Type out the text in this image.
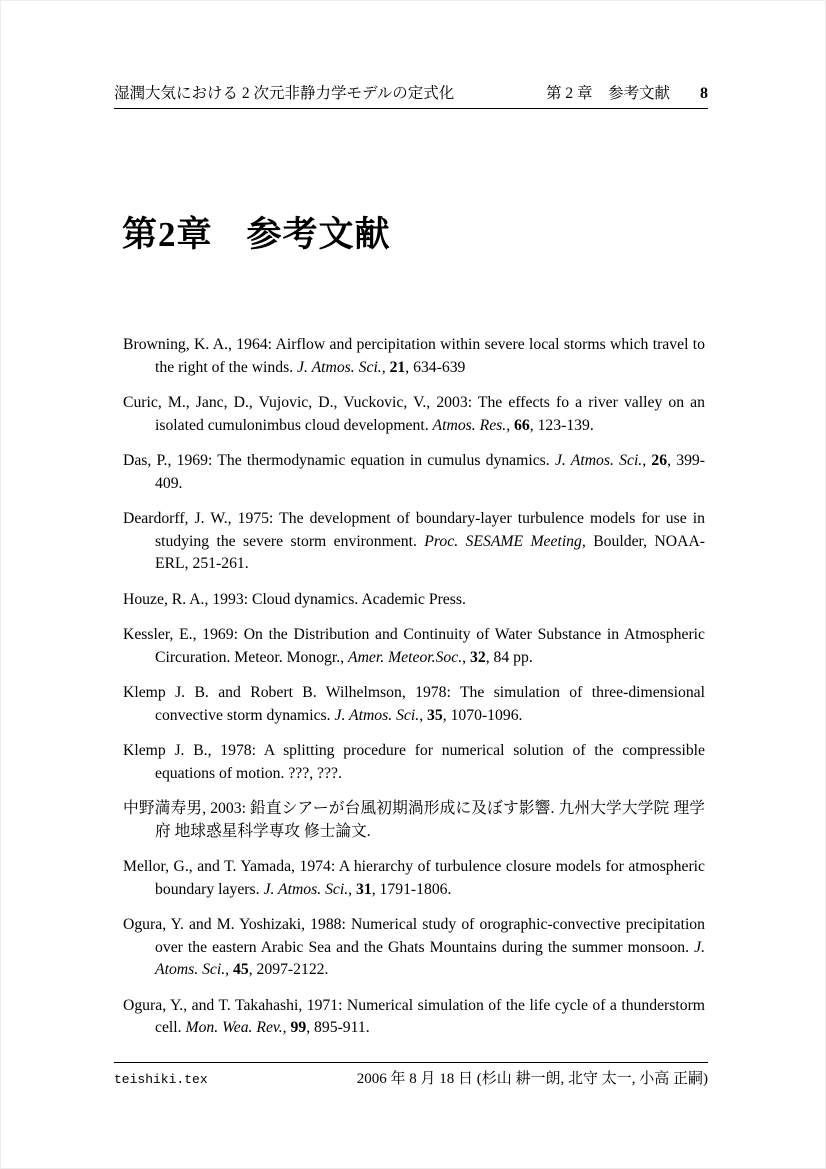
湿潤大気における 2 次元非静力学モデルの定式化	第 2 章　参考文献 8
第2章 参考文献

Browning, K. A., 1964: Airflow and percipitation within severe local storms which travel to the right of the winds. J. Atmos. Sci., 21, 634-639

Curic, M., Janc, D., Vujovic, D., Vuckovic, V., 2003: The effects fo a river valley on an isolated cumulonimbus cloud development. Atmos. Res., 66, 123-139.

Das, P., 1969: The thermodynamic equation in cumulus dynamics. J. Atmos. Sci., 26, 399-409.

Deardorff, J. W., 1975: The development of boundary-layer turbulence models for use in studying the severe storm environment. Proc. SESAME Meeting, Boulder, NOAA-ERL, 251-261.

Houze, R. A., 1993: Cloud dynamics. Academic Press.

Kessler, E., 1969: On the Distribution and Continuity of Water Substance in Atmospheric Circuration. Meteor. Monogr., Amer. Meteor.Soc., 32, 84 pp.

Klemp J. B. and Robert B. Wilhelmson, 1978: The simulation of three-dimensional convective storm dynamics. J. Atmos. Sci., 35, 1070-1096.

Klemp J. B., 1978: A splitting procedure for numerical solution of the compressible equations of motion. ???, ???.

中野満寿男, 2003: 鉛直シアーが台風初期渦形成に及ぼす影響. 九州大学大学院 理学府 地球惑星科学専攻 修士論文.

Mellor, G., and T. Yamada, 1974: A hierarchy of turbulence closure models for atmospheric boundary layers. J. Atmos. Sci., 31, 1791-1806.

Ogura, Y. and M. Yoshizaki, 1988: Numerical study of orographic-convective precipitation over the eastern Arabic Sea and the Ghats Mountains during the summer monsoon. J. Atoms. Sci., 45, 2097-2122.

Ogura, Y., and T. Takahashi, 1971: Numerical simulation of the life cycle of a thunderstorm cell. Mon. Wea. Rev., 99, 895-911.

teishiki.tex	2006 年 8 月 18 日 (杉山 耕一朗, 北守 太一, 小高 正嗣)
